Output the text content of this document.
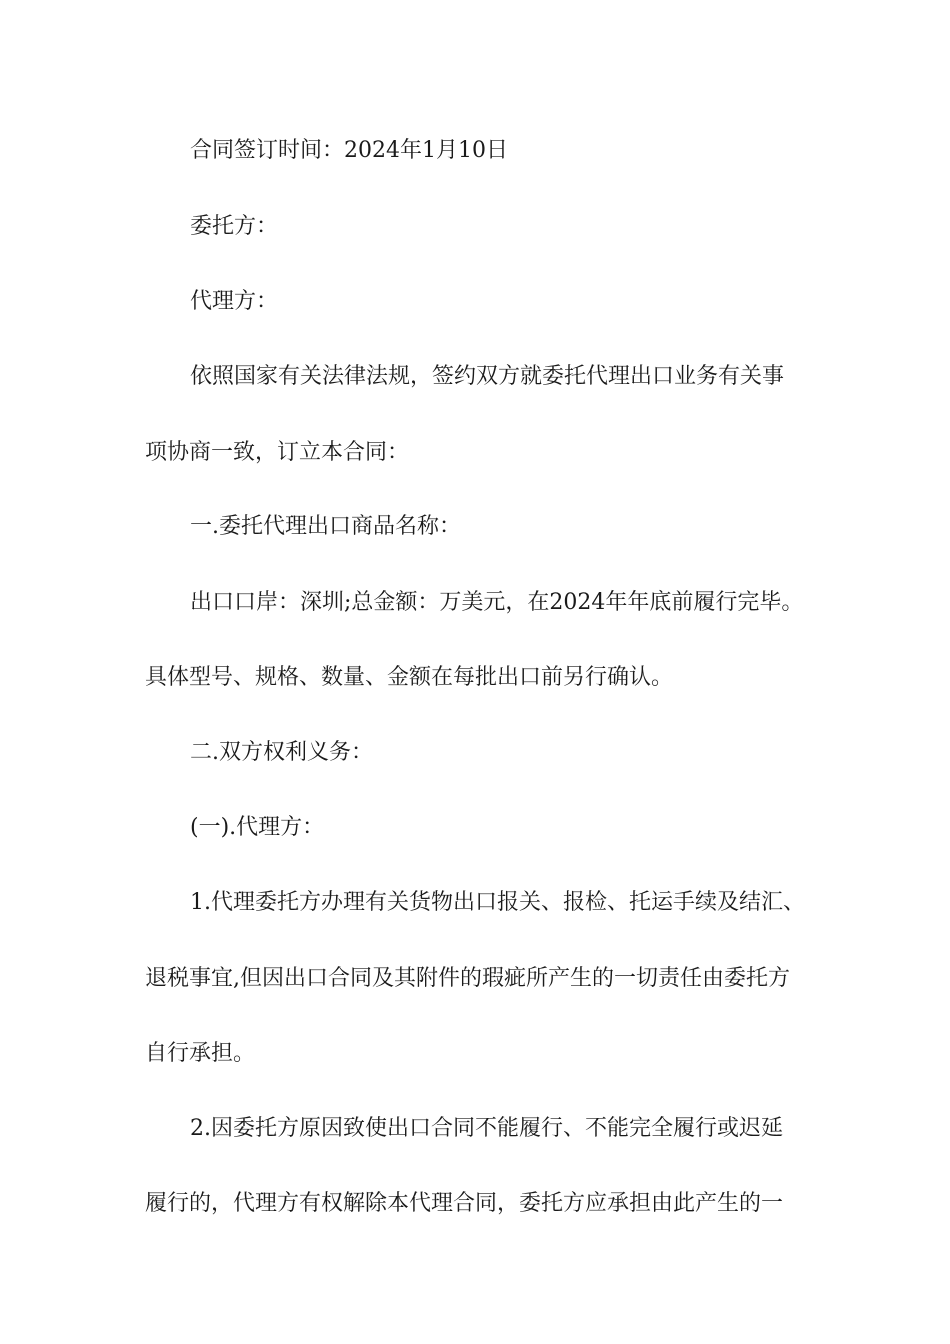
合同签订时间：2024年1月10日
委托方：
代理方：
依照国家有关法律法规，签约双方就委托代理出口业务有关事
项协商一致，订立本合同：
一.委托代理出口商品名称：
出口口岸：深圳;总金额：万美元，在2024年年底前履行完毕。
具体型号、规格、数量、金额在每批出口前另行确认。
二.双方权利义务：
(一).代理方：
1.代理委托方办理有关货物出口报关、报检、托运手续及结汇、
退税事宜,但因出口合同及其附件的瑕疵所产生的一切责任由委托方
自行承担。
2.因委托方原因致使出口合同不能履行、不能完全履行或迟延
履行的，代理方有权解除本代理合同，委托方应承担由此产生的一
